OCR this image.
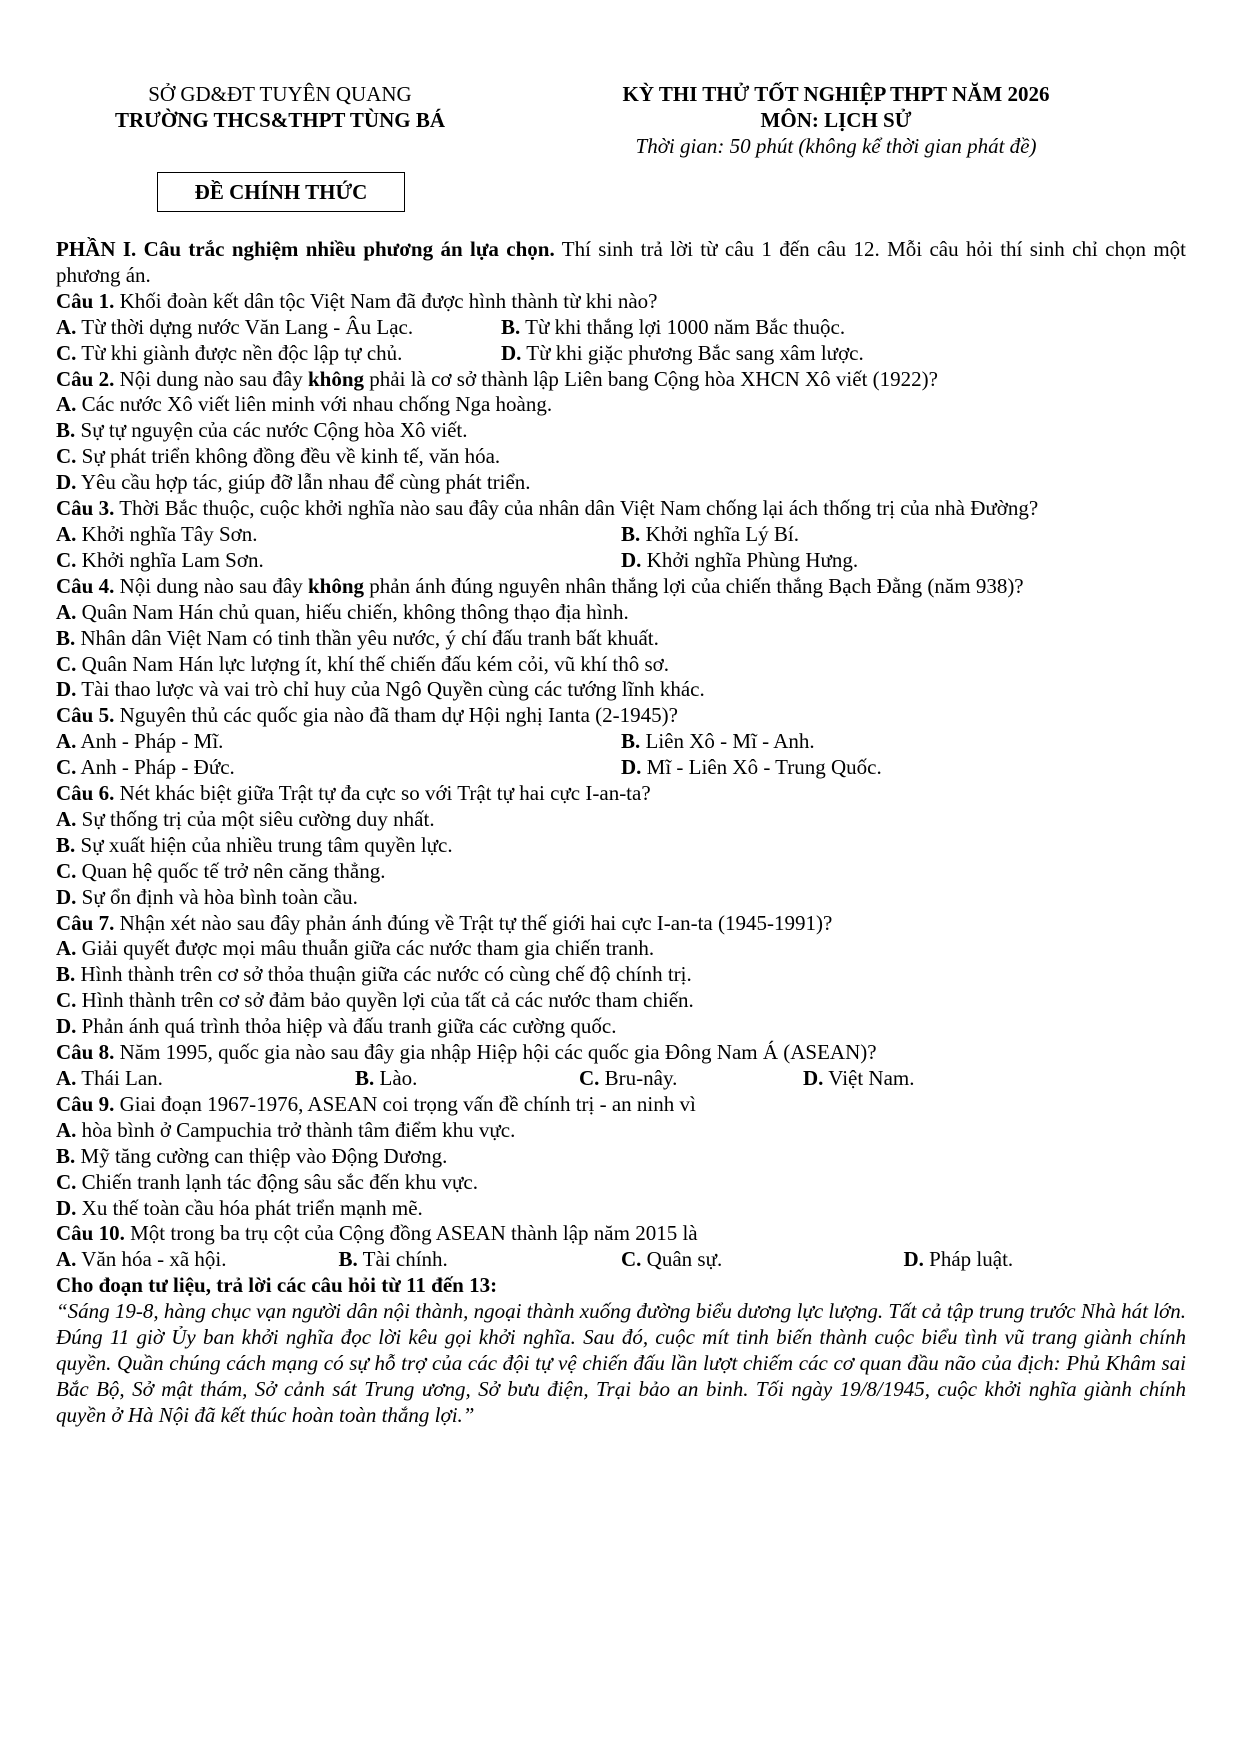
SỞ GD&ĐT TUYÊN QUANG
TRƯỜNG THCS&THPT TÙNG BÁ
ĐỀ CHÍNH THỨC
KỲ THI THỬ TỐT NGHIỆP THPT NĂM 2026
MÔN: LỊCH SỬ
Thời gian: 50 phút (không kể thời gian phát đề)

PHẦN I. Câu trắc nghiệm nhiều phương án lựa chọn. Thí sinh trả lời từ câu 1 đến câu 12. Mỗi câu hỏi thí sinh chỉ chọn một phương án.

Câu 1. Khối đoàn kết dân tộc Việt Nam đã được hình thành từ khi nào?

A. Từ thời dựng nước Văn Lang - Âu Lạc.	B. Từ khi thắng lợi 1000 năm Bắc thuộc.
C. Từ khi giành được nền độc lập tự chủ.	D. Từ khi giặc phương Bắc sang xâm lược.

Câu 2. Nội dung nào sau đây không phải là cơ sở thành lập Liên bang Cộng hòa XHCN Xô viết (1922)?

A. Các nước Xô viết liên minh với nhau chống Nga hoàng.
B. Sự tự nguyện của các nước Cộng hòa Xô viết.
C. Sự phát triển không đồng đều về kinh tế, văn hóa.
D. Yêu cầu hợp tác, giúp đỡ lẫn nhau để cùng phát triển.

Câu 3. Thời Bắc thuộc, cuộc khởi nghĩa nào sau đây của nhân dân Việt Nam chống lại ách thống trị của nhà Đường?

A. Khởi nghĩa Tây Sơn.	B. Khởi nghĩa Lý Bí.
C. Khởi nghĩa Lam Sơn.	D. Khởi nghĩa Phùng Hưng.

Câu 4. Nội dung nào sau đây không phản ánh đúng nguyên nhân thắng lợi của chiến thắng Bạch Đằng (năm 938)?

A. Quân Nam Hán chủ quan, hiếu chiến, không thông thạo địa hình.
B. Nhân dân Việt Nam có tinh thần yêu nước, ý chí đấu tranh bất khuất.
C. Quân Nam Hán lực lượng ít, khí thế chiến đấu kém cỏi, vũ khí thô sơ.
D. Tài thao lược và vai trò chỉ huy của Ngô Quyền cùng các tướng lĩnh khác.

Câu 5. Nguyên thủ các quốc gia nào đã tham dự Hội nghị Ianta (2-1945)?

A. Anh - Pháp - Mĩ.	B. Liên Xô - Mĩ - Anh.
C. Anh - Pháp - Đức.	D. Mĩ - Liên Xô - Trung Quốc.

Câu 6. Nét khác biệt giữa Trật tự đa cực so với Trật tự hai cực I-an-ta?

A. Sự thống trị của một siêu cường duy nhất.
B. Sự xuất hiện của nhiều trung tâm quyền lực.
C. Quan hệ quốc tế trở nên căng thẳng.
D. Sự ổn định và hòa bình toàn cầu.

Câu 7. Nhận xét nào sau đây phản ánh đúng về Trật tự thế giới hai cực I-an-ta (1945-1991)?

A. Giải quyết được mọi mâu thuẫn giữa các nước tham gia chiến tranh.
B. Hình thành trên cơ sở thỏa thuận giữa các nước có cùng chế độ chính trị.
C. Hình thành trên cơ sở đảm bảo quyền lợi của tất cả các nước tham chiến.
D. Phản ánh quá trình thỏa hiệp và đấu tranh giữa các cường quốc.

Câu 8. Năm 1995, quốc gia nào sau đây gia nhập Hiệp hội các quốc gia Đông Nam Á (ASEAN)?

A. Thái Lan.	B. Lào.	C. Bru-nây.	D. Việt Nam.

Câu 9. Giai đoạn 1967-1976, ASEAN coi trọng vấn đề chính trị - an ninh vì

A. hòa bình ở Campuchia trở thành tâm điểm khu vực.
B. Mỹ tăng cường can thiệp vào Động Dương.
C. Chiến tranh lạnh tác động sâu sắc đến khu vực.
D. Xu thế toàn cầu hóa phát triển mạnh mẽ.

Câu 10. Một trong ba trụ cột của Cộng đồng ASEAN thành lập năm 2015 là

A. Văn hóa - xã hội.	B. Tài chính.	C. Quân sự.	D. Pháp luật.

Cho đoạn tư liệu, trả lời các câu hỏi từ 11 đến 13:

“Sáng 19-8, hàng chục vạn người dân nội thành, ngoại thành xuống đường biểu dương lực lượng. Tất cả tập trung trước Nhà hát lớn. Đúng 11 giờ Ủy ban khởi nghĩa đọc lời kêu gọi khởi nghĩa. Sau đó, cuộc mít tinh biến thành cuộc biểu tình vũ trang giành chính quyền. Quần chúng cách mạng có sự hỗ trợ của các đội tự vệ chiến đấu lần lượt chiếm các cơ quan đầu não của địch: Phủ Khâm sai Bắc Bộ, Sở mật thám, Sở cảnh sát Trung ương, Sở bưu điện, Trại bảo an binh. Tối ngày 19/8/1945, cuộc khởi nghĩa giành chính quyền ở Hà Nội đã kết thúc hoàn toàn thắng lợi.”
